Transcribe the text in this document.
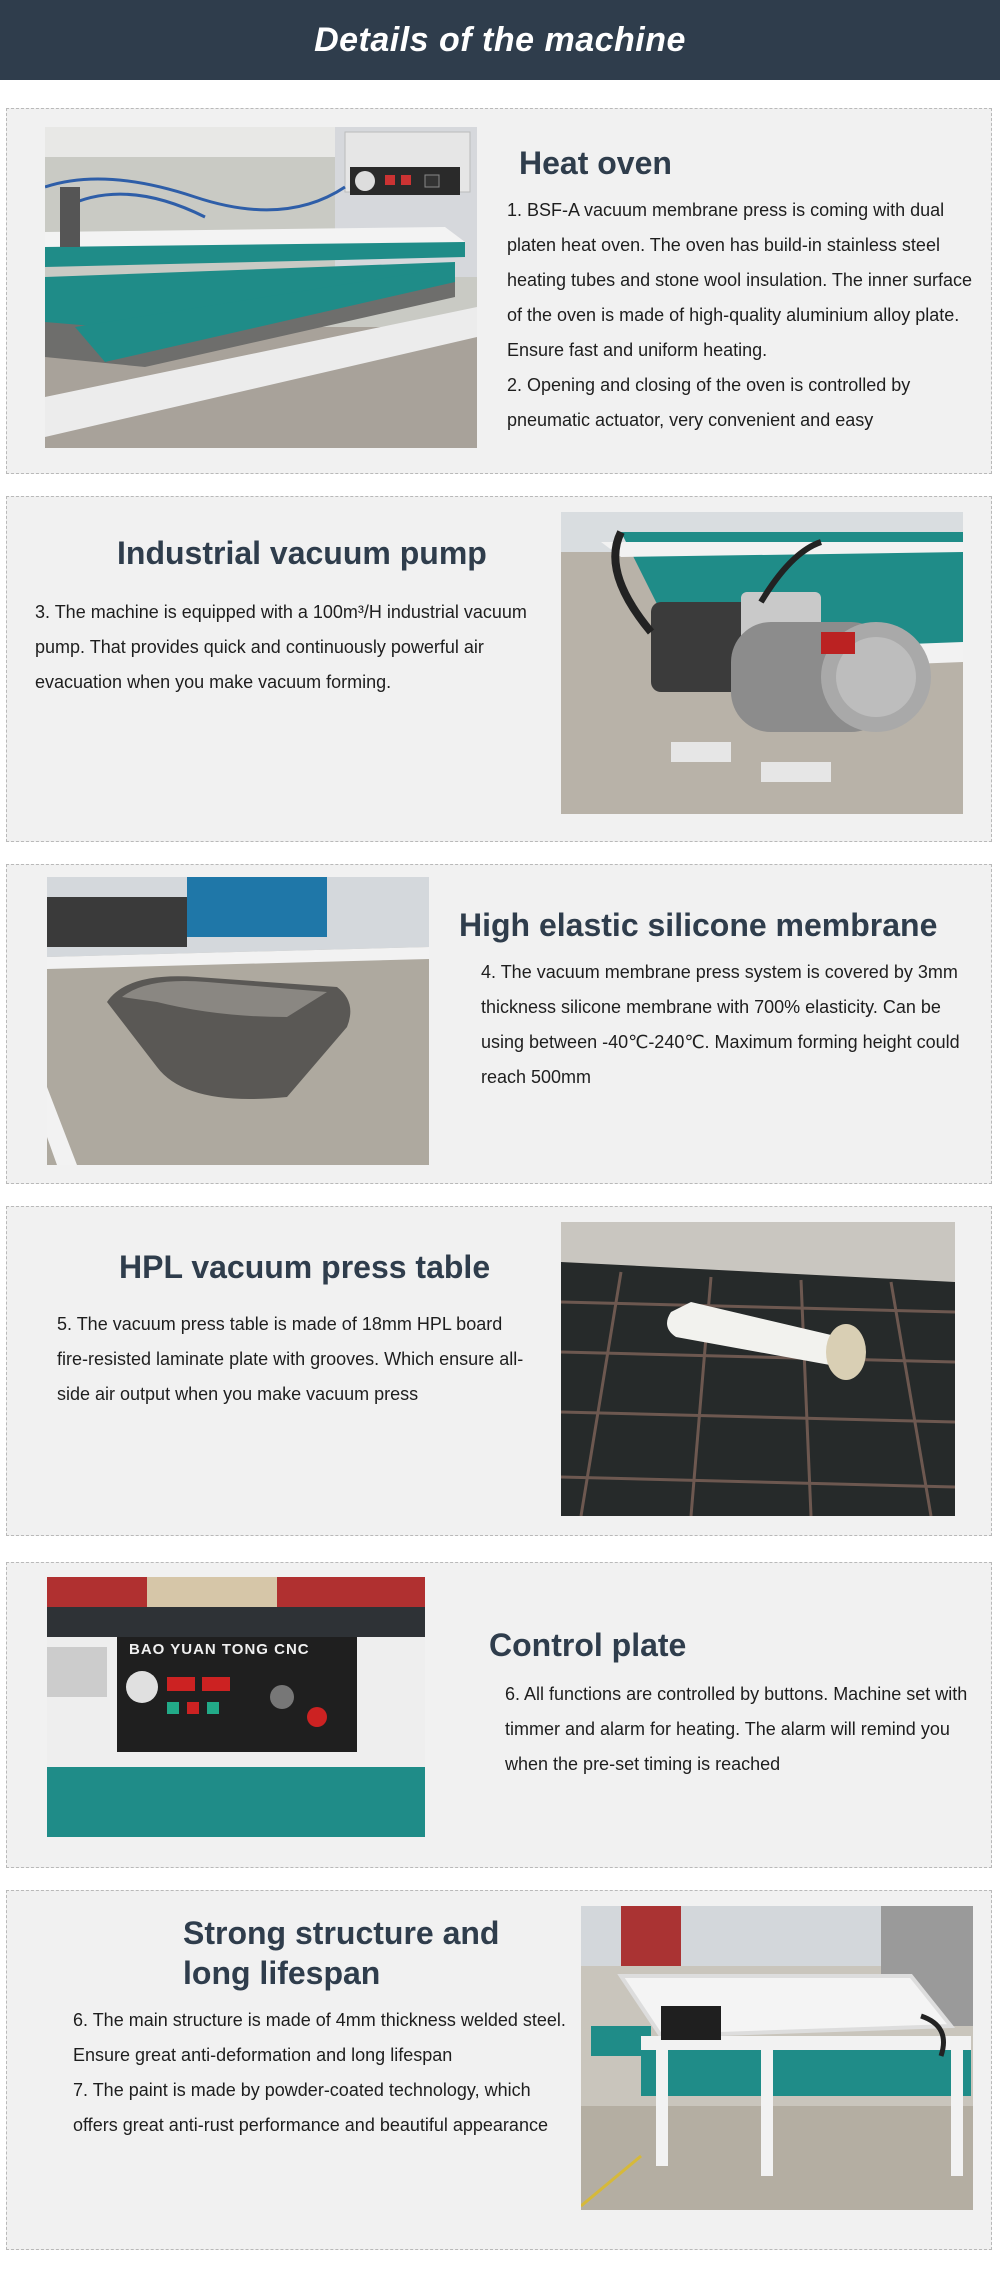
Details of the machine
Heat oven

1. BSF-A vacuum membrane press is coming with dual platen heat oven. The oven has build-in stainless steel heating tubes and stone wool insulation. The inner surface of the oven is made of high-quality aluminium alloy plate. Ensure fast and uniform heating.

2. Opening and closing of the oven is controlled by pneumatic actuator, very convenient and easy

Industrial vacuum pump

3. The machine is equipped with a 100m³/H industrial vacuum pump. That provides quick and continuously powerful air evacuation when you make vacuum forming.

High elastic silicone membrane

4. The vacuum membrane press system is covered by 3mm thickness silicone membrane with 700% elasticity. Can be using between -40℃-240℃. Maximum forming height could reach 500mm

HPL vacuum press table

5. The vacuum press table is made of 18mm HPL board fire-resisted laminate plate with grooves. Which ensure all-side air output when you make vacuum press

BAO YUAN TONG CNC	Control plate

6. All functions are controlled by buttons. Machine set with timmer and alarm for heating. The alarm will remind you when the pre-set timing is reached

Strong structure and long lifespan

6. The main structure is made of 4mm thickness welded steel. Ensure great anti-deformation and long lifespan

7. The paint is made by powder-coated technology, which offers great anti-rust performance and beautiful appearance
